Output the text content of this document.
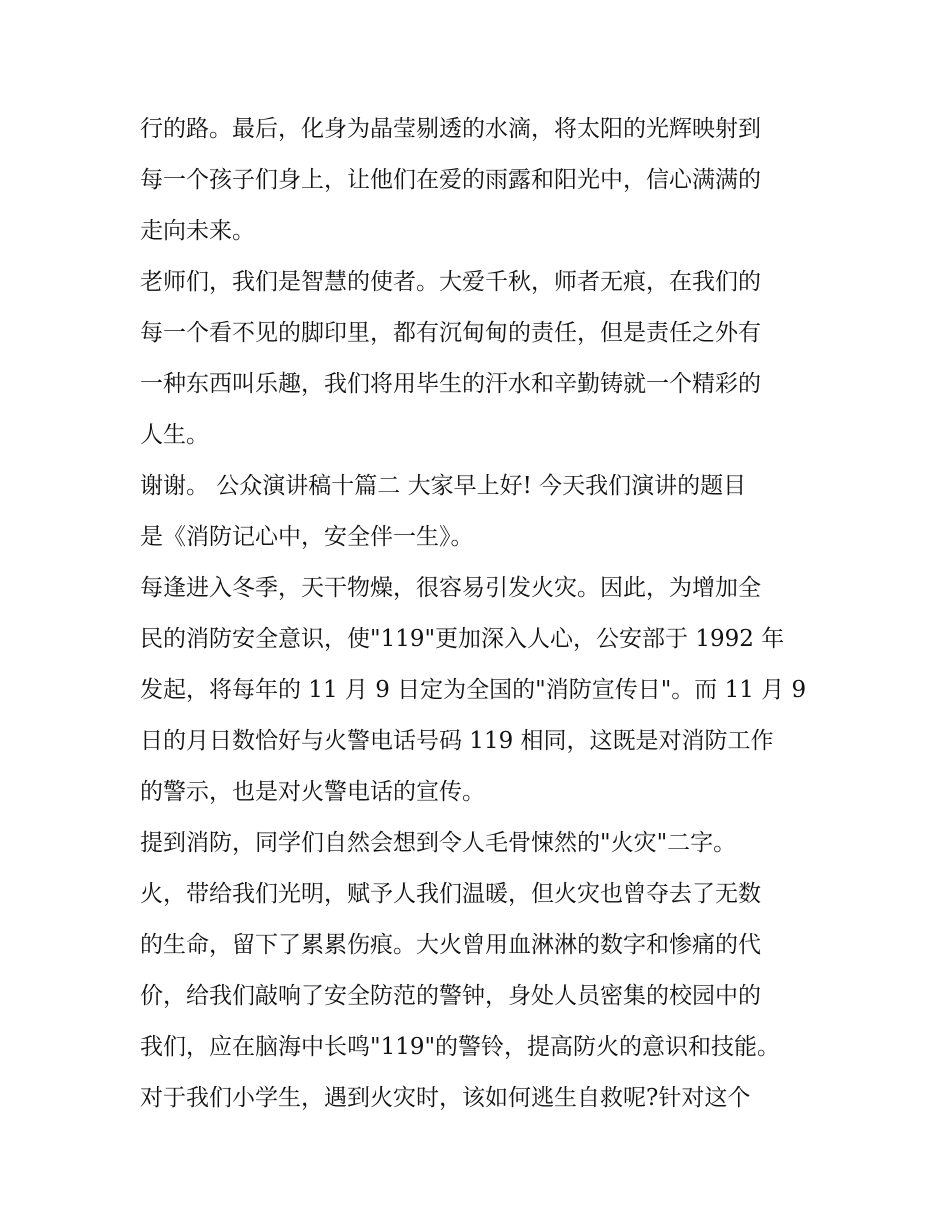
行的路。最后，化身为晶莹剔透的水滴，将太阳的光辉映射到
每一个孩子们身上，让他们在爱的雨露和阳光中，信心满满的
走向未来。
老师们，我们是智慧的使者。大爱千秋，师者无痕，在我们的
每一个看不见的脚印里，都有沉甸甸的责任，但是责任之外有
一种东西叫乐趣，我们将用毕生的汗水和辛勤铸就一个精彩的
人生。
谢谢。 公众演讲稿十篇二 大家早上好! 今天我们演讲的题目
是《消防记心中，安全伴一生》。
每逢进入冬季，天干物燥，很容易引发火灾。因此，为增加全
民的消防安全意识，使"119"更加深入人心，公安部于 1992 年
发起，将每年的 11 月 9 日定为全国的"消防宣传日"。而 11 月 9
日的月日数恰好与火警电话号码 119 相同，这既是对消防工作
的警示，也是对火警电话的宣传。
提到消防，同学们自然会想到令人毛骨悚然的"火灾"二字。
火，带给我们光明，赋予人我们温暖，但火灾也曾夺去了无数
的生命，留下了累累伤痕。大火曾用血淋淋的数字和惨痛的代
价，给我们敲响了安全防范的警钟，身处人员密集的校园中的
我们，应在脑海中长鸣"119"的警铃，提高防火的意识和技能。
对于我们小学生，遇到火灾时，该如何逃生自救呢?针对这个
